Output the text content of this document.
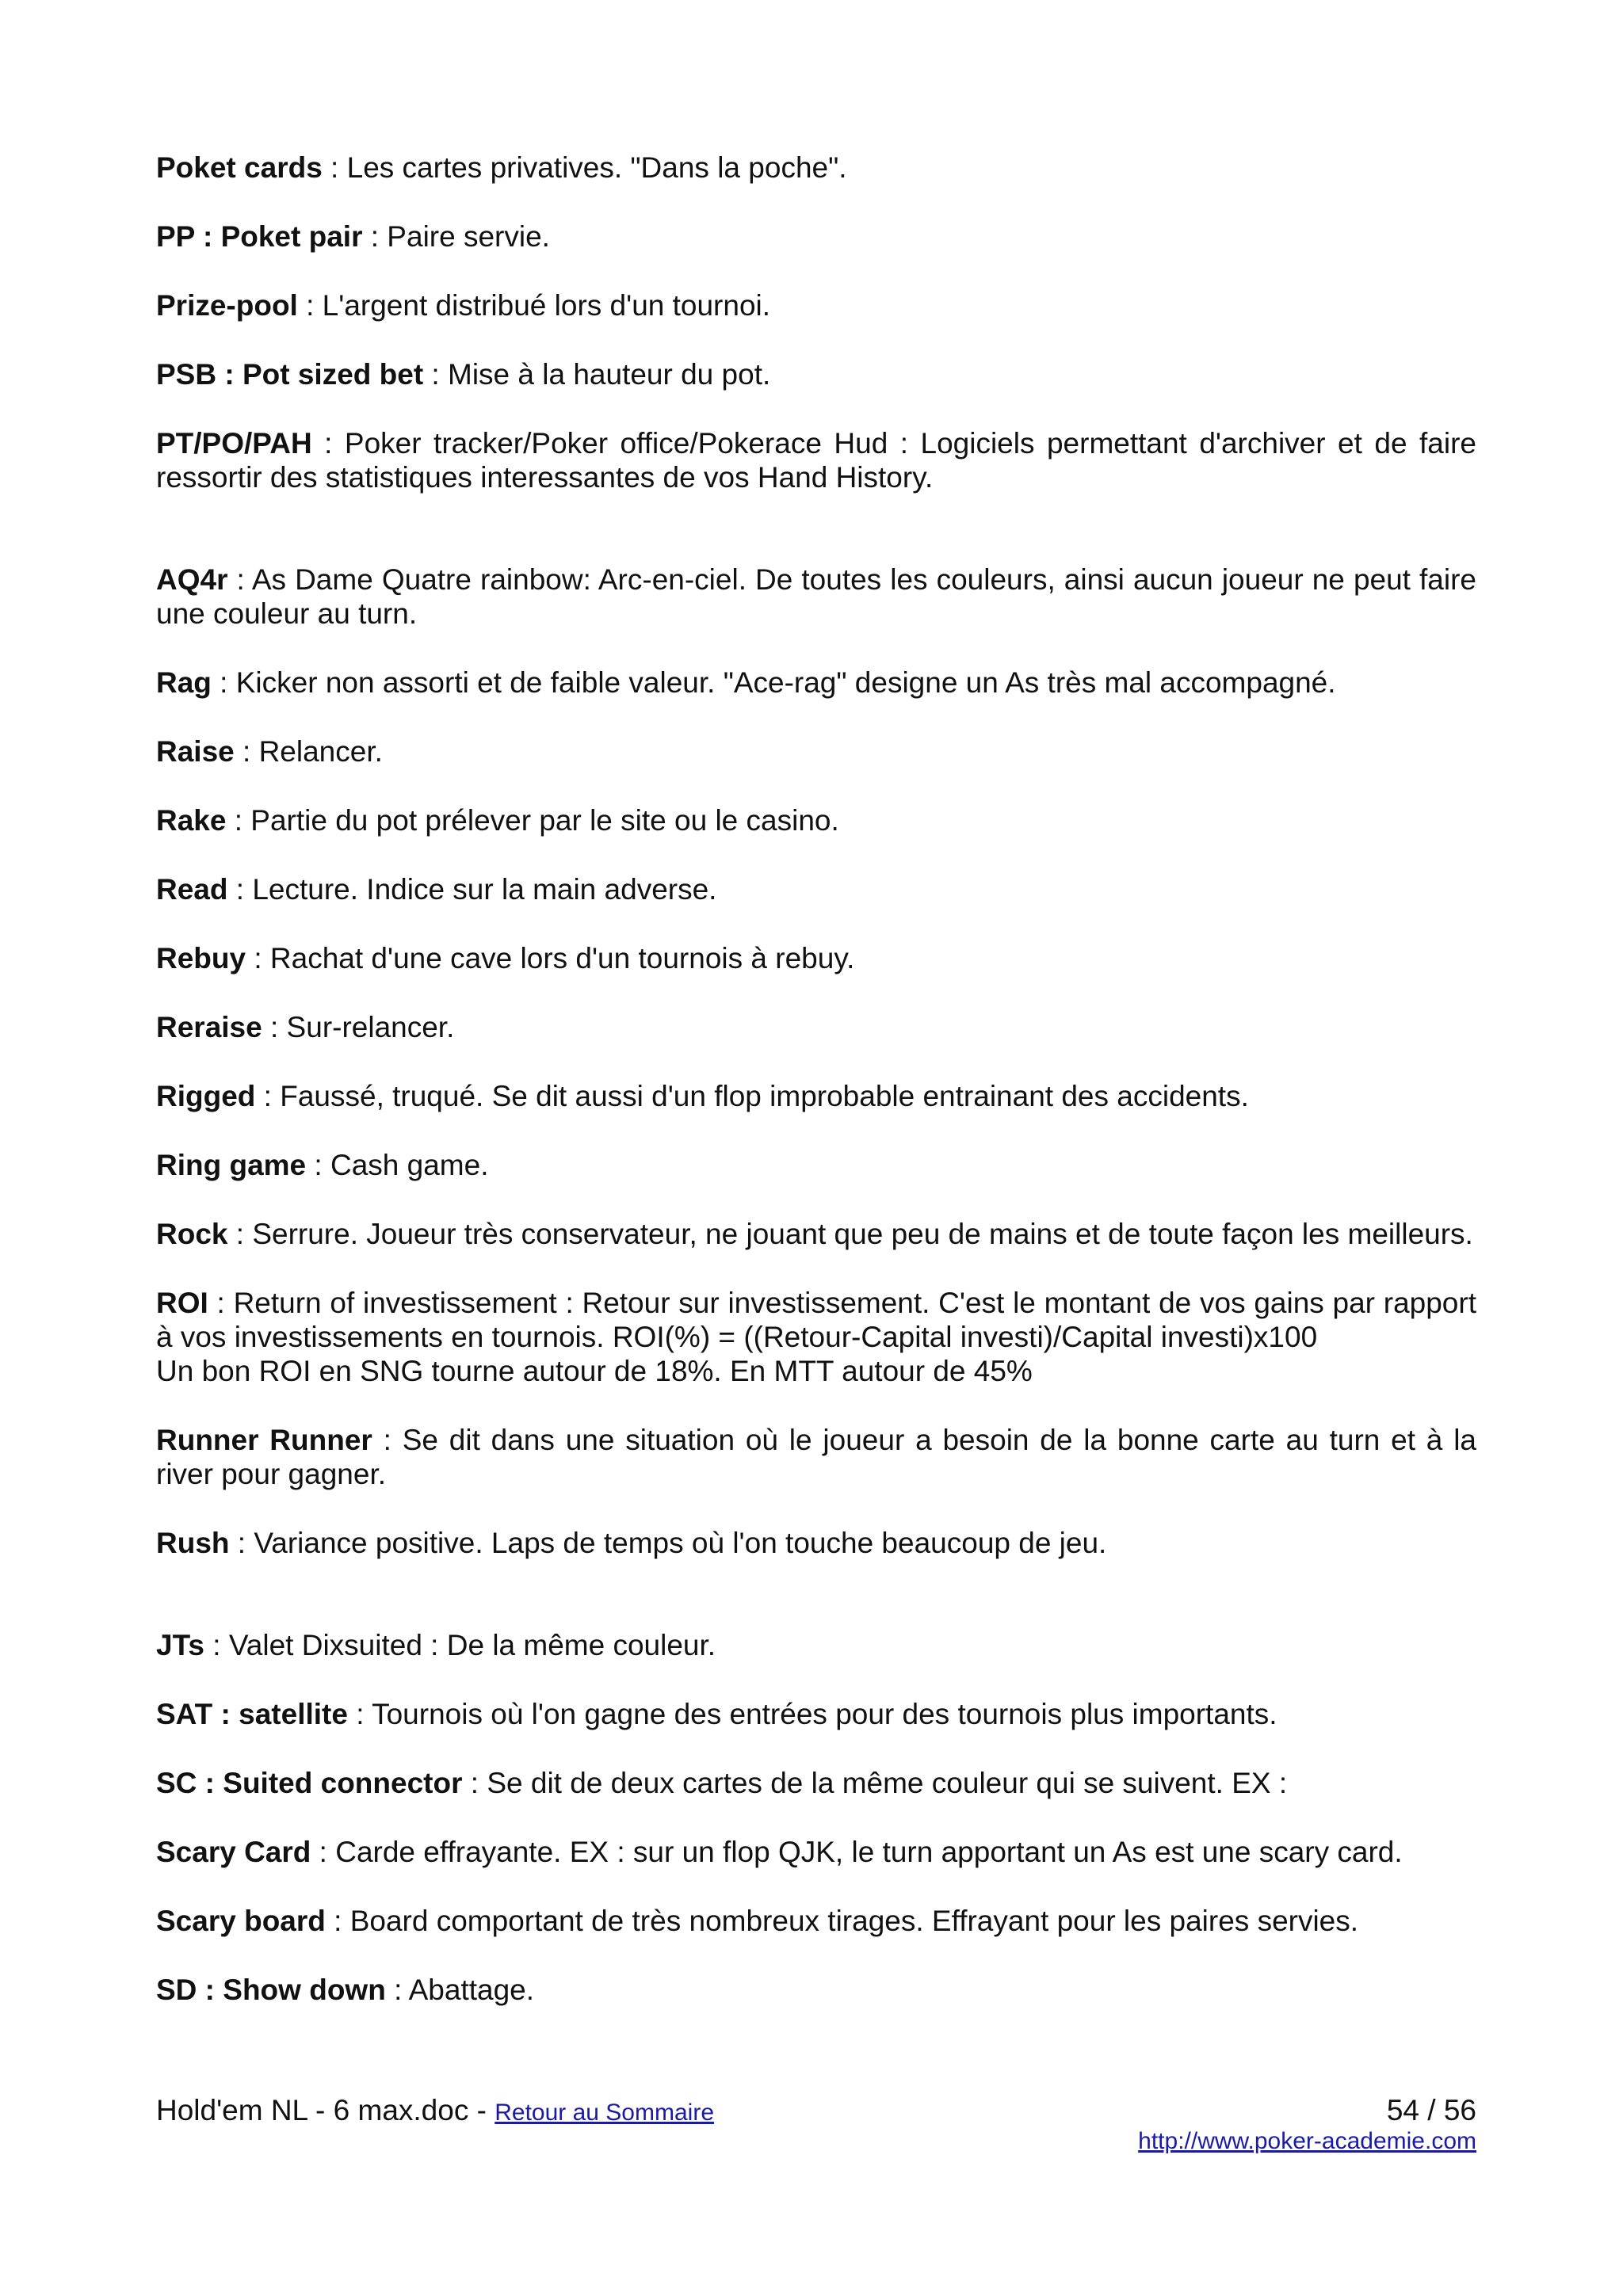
Poket cards : Les cartes privatives. "Dans la poche".

PP : Poket pair : Paire servie.

Prize-pool : L'argent distribué lors d'un tournoi.

PSB : Pot sized bet : Mise à la hauteur du pot.

PT/PO/PAH : Poker tracker/Poker office/Pokerace Hud : Logiciels permettant d'archiver et de faire ressortir des statistiques interessantes de vos Hand History.

AQ4r : As Dame Quatre rainbow: Arc-en-ciel. De toutes les couleurs, ainsi aucun joueur ne peut faire une couleur au turn.

Rag : Kicker non assorti et de faible valeur. "Ace-rag" designe un As très mal accompagné.

Raise : Relancer.

Rake : Partie du pot prélever par le site ou le casino.

Read : Lecture. Indice sur la main adverse.

Rebuy : Rachat d'une cave lors d'un tournois à rebuy.

Reraise : Sur-relancer.

Rigged : Faussé, truqué. Se dit aussi d'un flop improbable entrainant des accidents.

Ring game : Cash game.

Rock : Serrure. Joueur très conservateur, ne jouant que peu de mains et de toute façon les meilleurs.

ROI : Return of investissement : Retour sur investissement. C'est le montant de vos gains par rapport à vos investissements en tournois. ROI(%) = ((Retour-Capital investi)/Capital investi)x100
Un bon ROI en SNG tourne autour de 18%. En MTT autour de 45%

Runner Runner : Se dit dans une situation où le joueur a besoin de la bonne carte au turn et à la river pour gagner.

Rush : Variance positive. Laps de temps où l'on touche beaucoup de jeu.

JTs : Valet Dixsuited : De la même couleur.

SAT : satellite : Tournois où l'on gagne des entrées pour des tournois plus importants.

SC : Suited connector : Se dit de deux cartes de la même couleur qui se suivent. EX :

Scary Card : Carde effrayante. EX : sur un flop QJK, le turn apportant un As est une scary card.

Scary board : Board comportant de très nombreux tirages. Effrayant pour les paires servies.

SD : Show down : Abattage.

Hold'em NL - 6 max.doc - Retour au Sommaire	54 / 56
http://www.poker-academie.com
